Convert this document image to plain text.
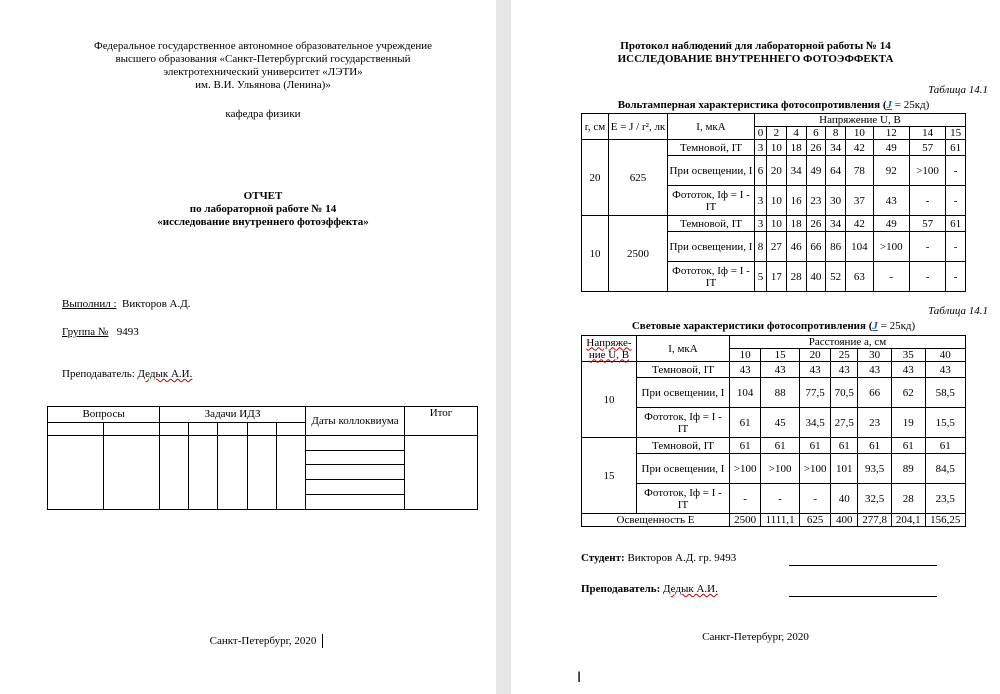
Федеральное государственное автономное образовательное учреждение
высшего образования «Санкт-Петербургский государственный
электротехнический университет «ЛЭТИ»
им. В.И. Ульянова (Ленина)»
кафедра физики
ОТЧЕТ
по лабораторной работе № 14
«исследование внутреннего фотоэффекта»
Выполнил : Викторов А.Д.
Группа № 9493
Преподаватель: Дедык А.И.
Вопросы		Задачи ИДЗ					Даты коллоквиума	Итог

Санкт-Петербург, 2020
Протокол наблюдений для лабораторной работы № 14
ИССЛЕДОВАНИЕ ВНУТРЕННЕГО ФОТОЭФФЕКТА
Таблица 14.1
Вольтамперная характеристика фотосопротивления (J = 25кд)
r, см	E = J / r², лк	I, мкА	Напряжение U, В								
			0	2	4	6	8	10	12	14	15
20	625	Темновой, IT	3	10	18	26	34	42	49	57	61
		При освещении, I	6	20	34	49	64	78	92	>100	-
		Фототок, Iф = I - IT	3	10	16	23	30	37	43	-	-
10	2500	Темновой, IT	3	10	18	26	34	42	49	57	61
		При освещении, I	8	27	46	66	86	104	>100	-	-
		Фототок, Iф = I - IT	5	17	28	40	52	63	-	-	-
Таблица 14.1
Световые характеристики фотосопротивления (J = 25кд)
Напряже-ние U, В	I, мкА	Расстояние a, см						
		10	15	20	25	30	35	40
10	Темновой, IT	43	43	43	43	43	43	43
	При освещении, I	104	88	77,5	70,5	66	62	58,5
	Фототок, Iф = I - IT	61	45	34,5	27,5	23	19	15,5
15	Темновой, IT	61	61	61	61	61	61	61
	При освещении, I	>100	>100	>100	101	93,5	89	84,5
	Фототок, Iф = I - IT	-	-	-	40	32,5	28	23,5
Освещенность E		2500	1111,1	625	400	277,8	204,1	156,25
Студент: Викторов А.Д. гр. 9493
Преподаватель: Дедык А.И.
Санкт-Петербург, 2020
I
